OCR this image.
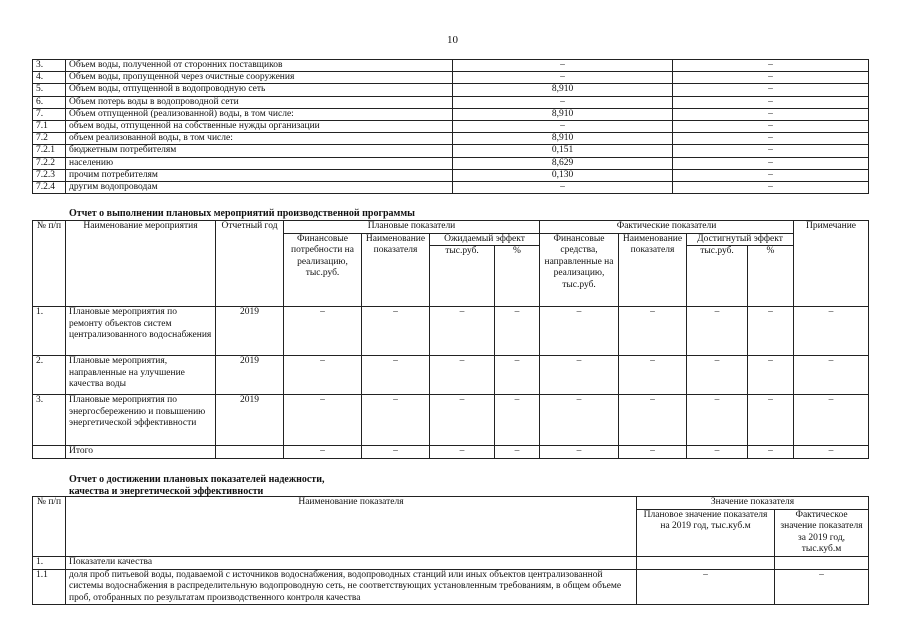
10
3.	Объем воды, полученной от сторонних поставщиков	–	–
4.	Объем воды, пропущенной через очистные сооружения	–	–
5.	Объем воды, отпущенной в водопроводную сеть	8,910	–
6.	Объем потерь воды в водопроводной сети	–	–
7.	Объем отпущенной (реализованной) воды, в том числе:	8,910	–
7.1	объем воды, отпущенной на собственные нужды организации	–	–
7.2	объем реализованной воды, в том числе:	8,910	–
7.2.1	бюджетным потребителям	0,151	–
7.2.2	населению	8,629	–
7.2.3	прочим потребителям	0,130	–
7.2.4	другим водопроводам	–	–
Отчет о выполнении плановых мероприятий производственной программы
№ п/п	Наименование мероприятия	Отчетный год	Плановые показатели				Фактические показатели				Примечание
			Финансовые потребности на реализацию, тыс.руб.	Наименование показателя	Ожидаемый эффект		Финансовые средства, направленные на реализацию, тыс.руб.	Наименование показателя	Достигнутый эффект		
					тыс.руб.	%			тыс.руб.	%	
1.	Плановые мероприятия по ремонту объектов систем централизованного водоснабжения	2019	–	–	–	–	–	–	–	–	–
2.	Плановые мероприятия, направленные на улучшение качества воды	2019	–	–	–	–	–	–	–	–	–
3.	Плановые мероприятия по энергосбережению и повышению энергетической эффективности	2019	–	–	–	–	–	–	–	–	–
	Итого		–	–	–	–	–	–	–	–	–
Отчет о достижении плановых показателей надежности,
качества и энергетической эффективности
№ п/п	Наименование показателя	Значение показателя	
		Плановое значение показателя на 2019 год, тыс.куб.м	Фактическое значение показателя за 2019 год, тыс.куб.м
1.	Показатели качества		
1.1	доля проб питьевой воды, подаваемой с источников водоснабжения, водопроводных станций или иных объектов централизованной системы водоснабжения в распределительную водопроводную сеть, не соответствующих установленным требованиям, в общем объеме проб, отобранных по результатам производственного контроля качества	–	–
